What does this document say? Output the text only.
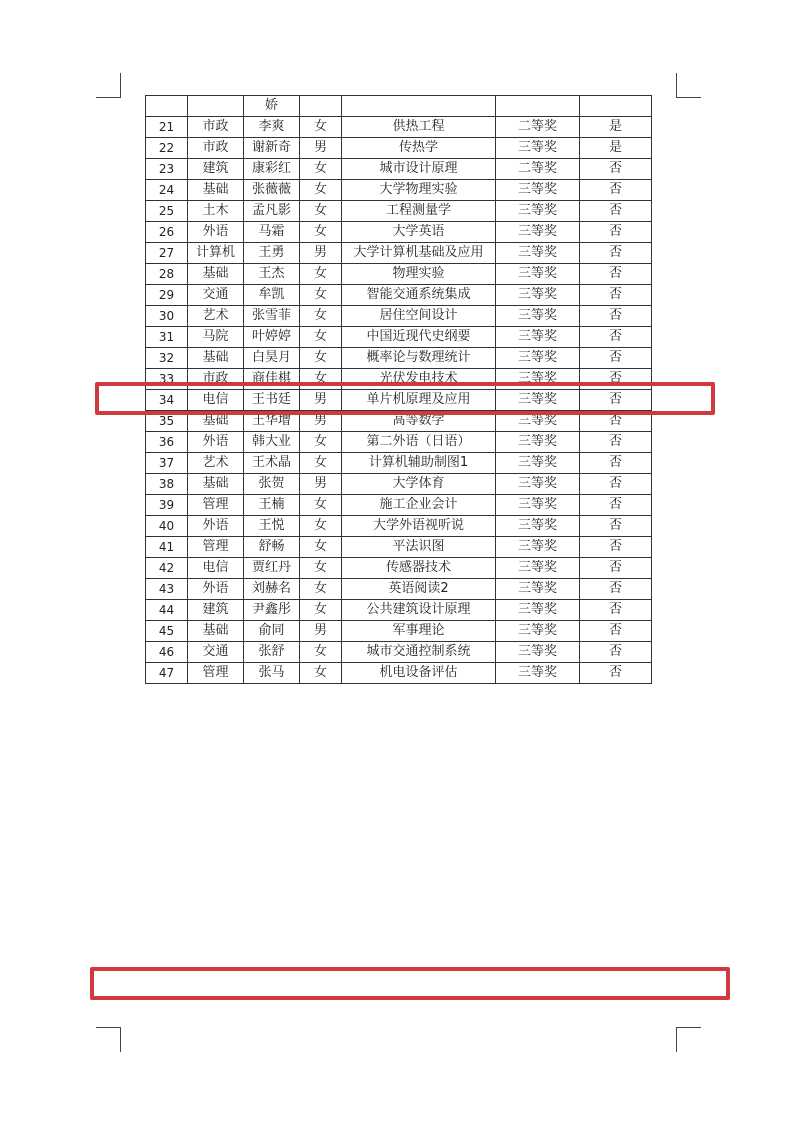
		娇				
21	市政	李爽	女	供热工程	二等奖	是
22	市政	谢新奇	男	传热学	三等奖	是
23	建筑	康彩红	女	城市设计原理	二等奖	否
24	基础	张薇薇	女	大学物理实验	三等奖	否
25	土木	孟凡影	女	工程测量学	三等奖	否
26	外语	马霜	女	大学英语	三等奖	否
27	计算机	王勇	男	大学计算机基础及应用	三等奖	否
28	基础	王杰	女	物理实验	三等奖	否
29	交通	牟凯	女	智能交通系统集成	三等奖	否
30	艺术	张雪菲	女	居住空间设计	三等奖	否
31	马院	叶婷婷	女	中国近现代史纲要	三等奖	否
32	基础	白昊月	女	概率论与数理统计	三等奖	否
33	市政	商佳棋	女	光伏发电技术	三等奖	否
34	电信	王书廷	男	单片机原理及应用	三等奖	否
35	基础	王华增	男	高等数学	三等奖	否
36	外语	韩大业	女	第二外语（日语）	三等奖	否
37	艺术	王术晶	女	计算机辅助制图1	三等奖	否
38	基础	张贺	男	大学体育	三等奖	否
39	管理	王楠	女	施工企业会计	三等奖	否
40	外语	王悦	女	大学外语视听说	三等奖	否
41	管理	舒畅	女	平法识图	三等奖	否
42	电信	贾红丹	女	传感器技术	三等奖	否
43	外语	刘赫名	女	英语阅读2	三等奖	否
44	建筑	尹鑫彤	女	公共建筑设计原理	三等奖	否
45	基础	俞同	男	军事理论	三等奖	否
46	交通	张舒	女	城市交通控制系统	三等奖	否
47	管理	张马	女	机电设备评估	三等奖	否
